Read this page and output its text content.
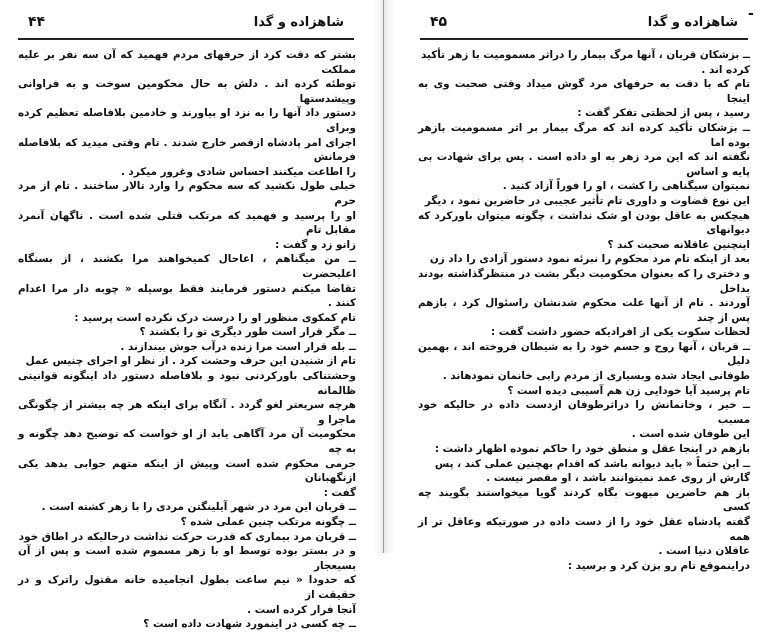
شاهزاده و گدا
۴۴

بشتر که دقت کرد از حرفهای مردم فهمید که آن سه نفر بر علیه مملکت

توطئه کرده اند . دلش به حال محکومین سوخت و به فراوانی وپیشدستها

دستور داد آنها را به نزد او بیاورند و خادمین بلافاصله تعظیم کرده وبرای

اجرای امر پادشاه ازقصر خارج شدند . تام وقتی میدید که بلافاصله فرمانش

را اطاعت میکنند احساس شادی وغرور میکرد .

خیلی طول نکشید که سه محکوم را وارد تالار ساختند . تام از مرد حرم

او را پرسید و فهمید که مرتکب قتلی شده است . ناگهان آنمرد مقابل تام

زانو زد و گفت :

ــ من میگناهم ، اعاحال کمیخواهند مرا بکشند ، از بسنگاه اعلیحضرت

تقاضا میکنم دستور فرمایند فقط بوسیله « چوبه دار مرا اعدام کنند .

تام کمکوی منظور او را درست درک نکرده است پرسید :

ــ مگر قرار است طور دیگری تو را بکشند ؟

ــ بله قرار است مرا زنده درآب جوش بیندازند .

تام از شنیدن این حرف وحشت کرد . از نظر او اجرای چنیس عمل

وحشتناکی باورکردنی نبود و بلافاصله دستور داد اینگونه قوانینی ظالمانه

هرچه سریعتر لغو گردد . آنگاه برای اینکه هر چه بیشتر از چگونگی ماجرا و

محکومیت آن مرد آگاهی یابد از او خواست که توضیح دهد چگونه و به چه

جرمی محکوم شده است وپیش از اینکه متهم جوابی بدهد یکی ازنگهبانان

گفت :

ــ قربان این مرد در شهر آیلینگتن مردی را با زهر کشته است .

ــ چگونه مرتکب چنین عملی شده ؟

ــ قربان مرد بیماری که قدرت حرکت نداشت درحالیکه در اطاق خود

و در بستر بوده توسط او با زهر مسموم شده است و پس از آن بسیعجار

که حدودا « نیم ساعت بطول انجامیده خانه مقتول راترک و در حقیقت از

آنجا فرار کرده است .

ــ چه کسی در اینمورد شهادت داده است ؟

شاهزاده و گدا
۴۵	-

ــ بزشکان قربان ، آنها مرگ بیمار را دراثر مسمومیت با زهر تأکید

کرده اند .

تام که با دقت به حرفهای مرد گوش میداد وقتی صحبت وی به اینجا

رسید ، پس از لحظتی تفکر گفت :

ــ بزشکان تأکید کرده اند که مرگ بیمار بر اثر مسمومیت بازهر بوده اما

نگفته اند که این مرد زهر به او داده است . پس برای شهادت بی پایه و اساس

نمیتوان سیگناهی را کشت ، او را فوراً آزاد کنید .

این نوع قضاوت و داوری تام تأثیر عجیبی در حاضرین نمود ، دیگر

هیچکس به عاقل بودن او شک نداشت ، چگونه میتوان باورکرد که دیوانهای

اینچنین عاقلانه صحبت کند ؟

بعد از اینکه تام مرد محکوم را نبرئه نمود دستور آزادی را داد زن

و دختری را که بعنوان محکومیت دیگر بشت در منتظرگذاشته بودند بداخل

آوردند . تام از آنها علت محکوم شدنشان راسئوال کرد ، بازهم پس از چند

لحظات سکوت یکی از افرادیکه حضور داشت گفت :

ــ قربان ، آنها روح و جسم خود را به شیطان فروخته اند ، بهمین دلیل

طوفانی ایجاد شده وبسیاری از مردم رابی خانمان نمودهاند .

تام پرسید آیا خودایی زن هم آسیبی دیده است ؟

ــ خیر ، وخانمانش را دراثرطوفان ازدست داده در حالیکه خود مسبب

این طوفان شده است .

بازهم در اینجا عقل و منطق خود را حاکم نموده اظهار داشت :

ــ این حتماً « باید دیوانه باشد که اقدام بهچنین عملی کند ، پس

گارش از روی عمد نمیتوانند باشد ، او مقصر نیست .

باز هم حاضرین مبهوت بگاه کردند گویا میخواستند بگویند چه کسی

گفته پادشاه عقل خود را از دست داده در صورتیکه وعاقل تر از همه

عاقلان دنیا است .

دراینموقع تام رو بزن کرد و برسید :
